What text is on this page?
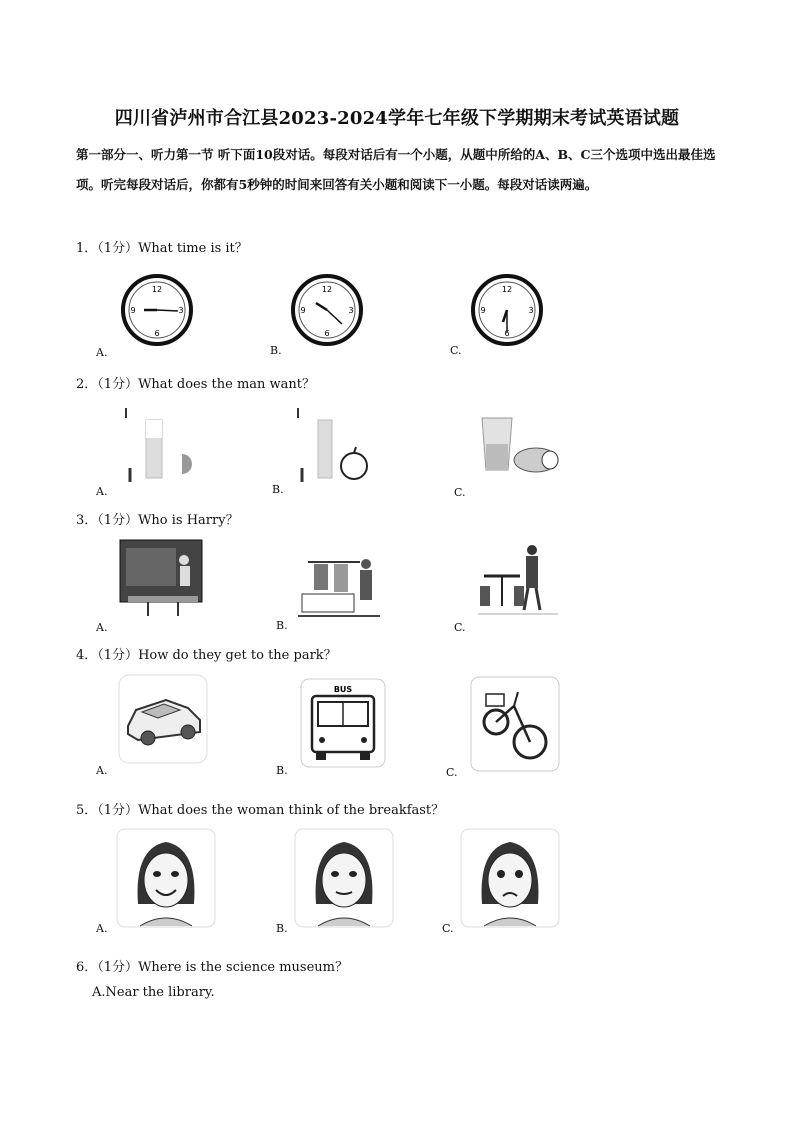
四川省泸州市合江县2023-2024学年七年级下学期期末考试英语试题
第一部分一、听力第一节 听下面10段对话。每段对话后有一个小题，从题中所给的A、B、C三个选项中选出最佳选项。听完每段对话后，你都有5秒钟的时间来回答有关小题和阅读下一小题。每段对话读两遍。
1．（1分）What time is it？
12
3
6
9
A.
12
3
6
9
B.
12
3
6
9
C.
2．（1分）What does the man want？
A.	B.	C.
3．（1分）Who is Harry？
A.	B.	C.
4．（1分）How do they get to the park？
A.
BUS
B.	C.
5．（1分）What does the woman think of the breakfast？
A.	B.	C.
6．（1分）Where is the science museum？
A.Near the library.
